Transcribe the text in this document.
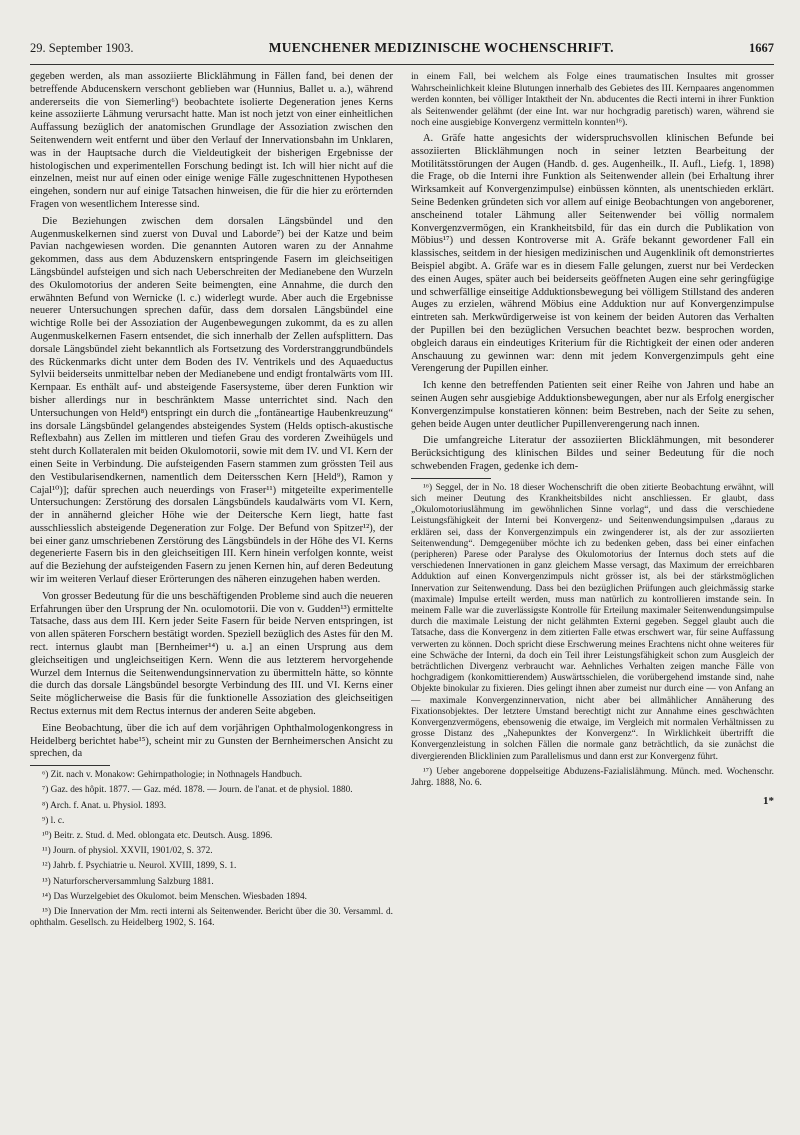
29. September 1903.	MUENCHENER MEDIZINISCHE WOCHENSCHRIFT.	1667

gegeben werden, als man assoziierte Blicklähmung in Fällen fand, bei denen der betreffende Abducenskern verschont geblieben war (Hunnius, Ballet u. a.), während andererseits die von Siemerling⁶) beobachtete isolierte Degeneration jenes Kerns keine assoziierte Lähmung verursacht hatte. Man ist noch jetzt von einer einheitlichen Auffassung bezüglich der anatomischen Grundlage der Assoziation zwischen den Seitenwendern weit entfernt und über den Verlauf der Innervationsbahn im Unklaren, was in der Hauptsache durch die Vieldeutigkeit der bisherigen Ergebnisse der histologischen und experimentellen Forschung bedingt ist. Ich will hier nicht auf die einzelnen, meist nur auf einen oder einige wenige Fälle zugeschnittenen Hypothesen eingehen, sondern nur auf einige Tatsachen hinweisen, die für die hier zu erörternden Fragen von wesentlichem Interesse sind.

Die Beziehungen zwischen dem dorsalen Längsbündel und den Augenmuskelkernen sind zuerst von Duval und Laborde⁷) bei der Katze und beim Pavian nachgewiesen worden. Die genannten Autoren waren zu der Annahme gekommen, dass aus dem Abduzenskern entspringende Fasern im gleichseitigen Längsbündel aufsteigen und sich nach Ueberschreiten der Medianebene den Wurzeln des Okulomotorius der anderen Seite beimengten, eine Annahme, die durch den erwähnten Befund von Wernicke (l. c.) widerlegt wurde. Aber auch die Ergebnisse neuerer Untersuchungen sprechen dafür, dass dem dorsalen Längsbündel eine wichtige Rolle bei der Assoziation der Augenbewegungen zukommt, da es zu allen Augenmuskelkernen Fasern entsendet, die sich innerhalb der Zellen aufsplittern. Das dorsale Längsbündel zieht bekanntlich als Fortsetzung des Vorderstranggrundbündels des Rückenmarks dicht unter dem Boden des IV. Ventrikels und des Aquaeductus Sylvii beiderseits unmittelbar neben der Medianebene und endigt frontalwärts vom III. Kernpaar. Es enthält auf- und absteigende Fasersysteme, über deren Funktion wir bisher allerdings nur in beschränktem Masse unterrichtet sind. Nach den Untersuchungen von Held⁸) entspringt ein durch die „fontäneartige Haubenkreuzung“ ins dorsale Längsbündel gelangendes absteigendes System (Helds optisch-akustische Reflexbahn) aus Zellen im mittleren und tiefen Grau des vorderen Zweihügels und steht durch Kollateralen mit beiden Okulomotorii, sowie mit dem IV. und VI. Kern der einen Seite in Verbindung. Die aufsteigenden Fasern stammen zum grössten Teil aus den Vestibularisendkernen, namentlich dem Deitersschen Kern [Held⁹), Ramon y Cajal¹⁰)]; dafür sprechen auch neuerdings von Fraser¹¹) mitgeteilte experimentelle Untersuchungen: Zerstörung des dorsalen Längsbündels kaudalwärts vom VI. Kern, der in annähernd gleicher Höhe wie der Deitersche Kern liegt, hatte fast ausschliesslich absteigende Degeneration zur Folge. Der Befund von Spitzer¹²), der bei einer ganz umschriebenen Zerstörung des Längsbündels in der Höhe des VI. Kerns degenerierte Fasern bis in den gleichseitigen III. Kern hinein verfolgen konnte, weist auf die Beziehung der aufsteigenden Fasern zu jenen Kernen hin, auf deren Bedeutung wir im weiteren Verlauf dieser Erörterungen des näheren einzugehen haben werden.

Von grosser Bedeutung für die uns beschäftigenden Probleme sind auch die neueren Erfahrungen über den Ursprung der Nn. oculomotorii. Die von v. Gudden¹³) ermittelte Tatsache, dass aus dem III. Kern jeder Seite Fasern für beide Nerven entspringen, ist von allen späteren Forschern bestätigt worden. Speziell bezüglich des Astes für den M. rect. internus glaubt man [Bernheimer¹⁴) u. a.] an einen Ursprung aus dem gleichseitigen und ungleichseitigen Kern. Wenn die aus letzterem hervorgehende Wurzel dem Internus die Seitenwendungsinnervation zu übermitteln hätte, so könnte die durch das dorsale Längsbündel besorgte Verbindung des III. und VI. Kerns einer Seite möglicherweise die Basis für die funktionelle Assoziation des gleichseitigen Rectus externus mit dem Rectus internus der anderen Seite abgeben.

Eine Beobachtung, über die ich auf dem vorjährigen Ophthalmologenkongress in Heidelberg berichtet habe¹⁵), scheint mir zu Gunsten der Bernheimerschen Ansicht zu sprechen, da

⁶) Zit. nach v. Monakow: Gehirnpathologie; in Nothnagels Handbuch.

⁷) Gaz. des hôpit. 1877. — Gaz. méd. 1878. — Journ. de l'anat. et de physiol. 1880.

⁸) Arch. f. Anat. u. Physiol. 1893.

⁹) l. c.

¹⁰) Beitr. z. Stud. d. Med. oblongata etc. Deutsch. Ausg. 1896.

¹¹) Journ. of physiol. XXVII, 1901/02, S. 372.

¹²) Jahrb. f. Psychiatrie u. Neurol. XVIII, 1899, S. 1.

¹³) Naturforscherversammlung Salzburg 1881.

¹⁴) Das Wurzelgebiet des Okulomot. beim Menschen. Wiesbaden 1894.

¹⁵) Die Innervation der Mm. recti interni als Seitenwender. Bericht über die 30. Versamml. d. ophthalm. Gesellsch. zu Heidelberg 1902, S. 164.

in einem Fall, bei welchem als Folge eines traumatischen Insultes mit grosser Wahrscheinlichkeit kleine Blutungen innerhalb des Gebietes des III. Kernpaares angenommen werden konnten, bei völliger Intaktheit der Nn. abducentes die Recti interni in ihrer Funktion als Seitenwender gelähmt (der eine Int. war nur hochgradig paretisch) waren, während sie noch eine ausgiebige Konvergenz vermitteln konnten¹⁶).

A. Gräfe hatte angesichts der widerspruchsvollen klinischen Befunde bei assoziierten Blicklähmungen noch in seiner letzten Bearbeitung der Motilitätsstörungen der Augen (Handb. d. ges. Augenheilk., II. Aufl., Liefg. 1, 1898) die Frage, ob die Interni ihre Funktion als Seitenwender allein (bei Erhaltung ihrer Wirksamkeit auf Konvergenzimpulse) einbüssen könnten, als unentschieden erklärt. Seine Bedenken gründeten sich vor allem auf einige Beobachtungen von angeborener, anscheinend totaler Lähmung aller Seitenwender bei völlig normalem Konvergenzvermögen, ein Krankheitsbild, für das ein durch die Publikation von Möbius¹⁷) und dessen Kontroverse mit A. Gräfe bekannt gewordener Fall ein klassisches, seitdem in der hiesigen medizinischen und Augenklinik oft demonstriertes Beispiel abgibt. A. Gräfe war es in diesem Falle gelungen, zuerst nur bei Verdecken des einen Auges, später auch bei beiderseits geöffneten Augen eine sehr geringfügige und schwerfällige einseitige Adduktionsbewegung bei völligem Stillstand des anderen Auges zu erzielen, während Möbius eine Adduktion nur auf Konvergenzimpulse eintreten sah. Merkwürdigerweise ist von keinem der beiden Autoren das Verhalten der Pupillen bei den bezüglichen Versuchen beachtet bezw. besprochen worden, obgleich daraus ein eindeutiges Kriterium für die Richtigkeit der einen oder anderen Anschauung zu gewinnen war: denn mit jedem Konvergenzimpuls geht eine Verengerung der Pupillen einher.

Ich kenne den betreffenden Patienten seit einer Reihe von Jahren und habe an seinen Augen sehr ausgiebige Adduktionsbewegungen, aber nur als Erfolg energischer Konvergenzimpulse konstatieren können: beim Bestreben, nach der Seite zu sehen, gehen beide Augen unter deutlicher Pupillenverengerung nach innen.

Die umfangreiche Literatur der assoziierten Blicklähmungen, mit besonderer Berücksichtigung des klinischen Bildes und seiner Bedeutung für die noch schwebenden Fragen, gedenke ich dem-

¹⁶) Seggel, der in No. 18 dieser Wochenschrift die oben zitierte Beobachtung erwähnt, will sich meiner Deutung des Krankheitsbildes nicht anschliessen. Er glaubt, dass „Okulomotoriuslähmung im gewöhnlichen Sinne vorlag“, und dass die verschiedene Leistungsfähigkeit der Interni bei Konvergenz- und Seitenwendungsimpulsen „daraus zu erklären sei, dass der Konvergenzimpuls ein zwingenderer ist, als der zur assoziierten Seitenwendung“. Demgegenüber möchte ich zu bedenken geben, dass bei einer einfachen (peripheren) Parese oder Paralyse des Okulomotorius der Internus doch stets auf die verschiedenen Innervationen in ganz gleichem Masse versagt, das Maximum der erreichbaren Adduktion auf einen Konvergenzimpuls nicht grösser ist, als bei der stärkstmöglichen Innervation zur Seitenwendung. Dass bei den bezüglichen Prüfungen auch gleichmässig starke (maximale) Impulse erteilt werden, muss man natürlich zu kontrollieren imstande sein. In meinem Falle war die zuverlässigste Kontrolle für Erteilung maximaler Seitenwendungsimpulse durch die maximale Leistung der nicht gelähmten Externi gegeben. Seggel glaubt auch die Tatsache, dass die Konvergenz in dem zitierten Falle etwas erschwert war, für seine Auffassung verwerten zu können. Doch spricht diese Erschwerung meines Erachtens nicht ohne weiteres für eine Schwäche der Interni, da doch ein Teil ihrer Leistungsfähigkeit schon zum Ausgleich der beträchtlichen Divergenz verbraucht war. Aehnliches Verhalten zeigen manche Fälle von hochgradigem (konkomittierendem) Auswärtsschielen, die vorübergehend imstande sind, nahe Objekte binokular zu fixieren. Dies gelingt ihnen aber zumeist nur durch eine — von Anfang an — maximale Konvergenzinnervation, nicht aber bei allmählicher Annäherung des Fixationsobjektes. Der letztere Umstand berechtigt nicht zur Annahme eines geschwächten Konvergenzvermögens, ebensowenig die etwaige, im Vergleich mit normalen Verhältnissen zu grosse Distanz des „Nahepunktes der Konvergenz“. In Wirklichkeit übertrifft die Konvergenzleistung in solchen Fällen die normale ganz beträchtlich, da sie zunächst die divergierenden Blicklinien zum Parallelismus und dann erst zur Konvergenz führt.

¹⁷) Ueber angeborene doppelseitige Abduzens-Fazialislähmung. Münch. med. Wochenschr. Jahrg. 1888, No. 6.

1*
